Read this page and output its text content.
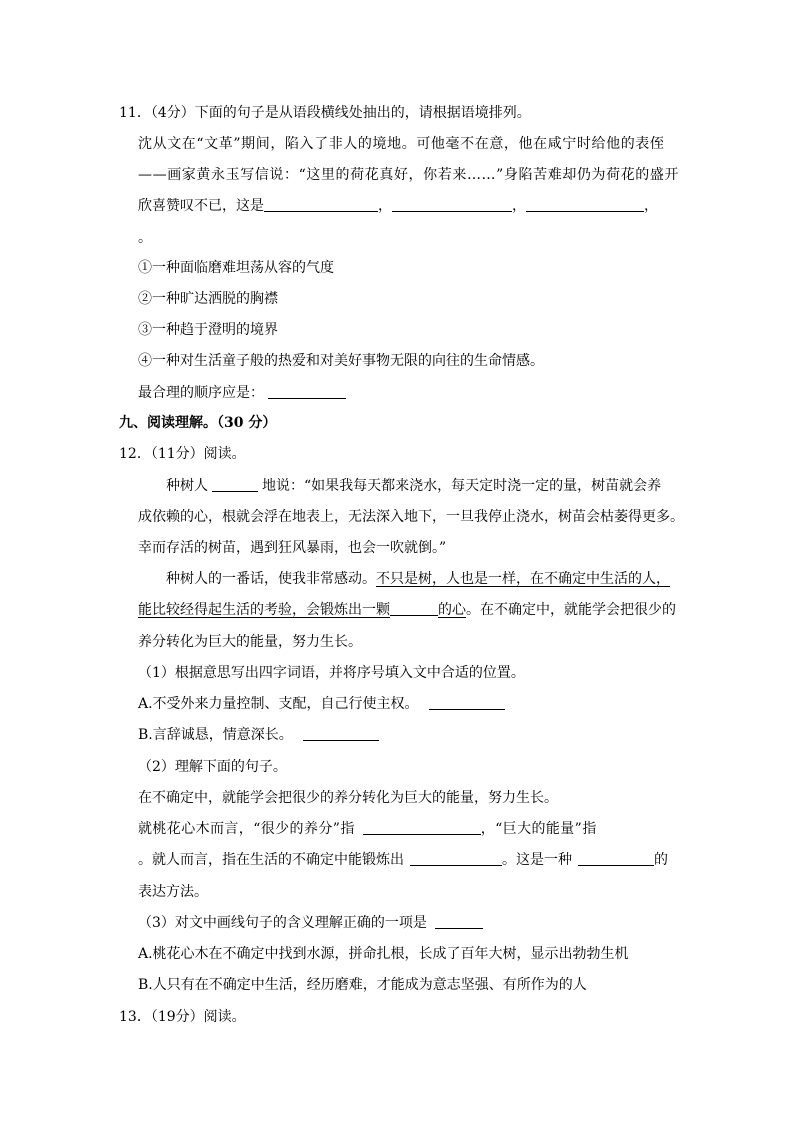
11．（4分）下面的句子是从语段横线处抽出的，请根据语境排列。
沈从文在“文革”期间，陷入了非人的境地。可他毫不在意，他在咸宁时给他的表侄
——画家黄永玉写信说：“这里的荷花真好，你若来……”身陷苦难却仍为荷花的盛开
欣喜赞叹不已，这是	，	，	，
。
①一种面临磨难坦荡从容的气度
②一种旷达洒脱的胸襟
③一种趋于澄明的境界
④一种对生活童子般的热爱和对美好事物无限的向往的生命情感。
最合理的顺序应是：
九、阅读理解。（30 分）
12．（11分）阅读。
种树人	地说：“如果我每天都来浇水，每天定时浇一定的量，树苗就会养
成依赖的心，根就会浮在地表上，无法深入地下，一旦我停止浇水，树苗会枯萎得更多。
幸而存活的树苗，遇到狂风暴雨，也会一吹就倒。”
种树人的一番话，使我非常感动。不只是树，人也是一样，在不确定中生活的人，
能比较经得起生活的考验，会锻炼出一颗	的心。在不确定中，就能学会把很少的
养分转化为巨大的能量，努力生长。
（1）根据意思写出四字词语，并将序号填入文中合适的位置。
A.不受外来力量控制、支配，自己行使主权。
B.言辞诚恳，情意深长。
（2）理解下面的句子。
在不确定中，就能学会把很少的养分转化为巨大的能量，努力生长。
就桃花心木而言，“很少的养分”指	，“巨大的能量”指
。就人而言，指在生活的不确定中能锻炼出	。这是一种	的
表达方法。
（3）对文中画线句子的含义理解正确的一项是
A.桃花心木在不确定中找到水源，拼命扎根，长成了百年大树，显示出勃勃生机
B.人只有在不确定中生活，经历磨难，才能成为意志坚强、有所作为的人
13．（19分）阅读。
